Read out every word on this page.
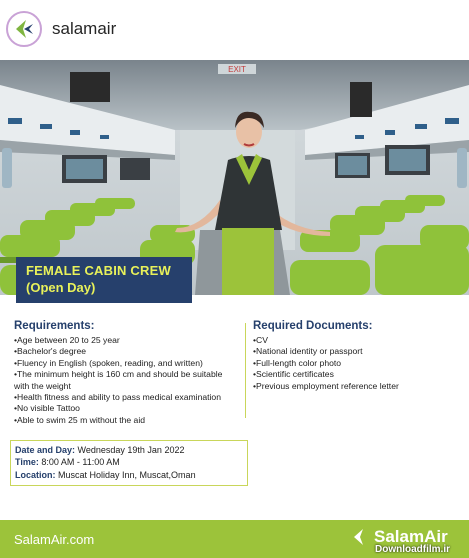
salamair
EXIT
FEMALE CABIN CREW
(Open Day)
Requirements:
• Age between 20 to 25 year
• Bachelor's degree
• Fluency in English (spoken, reading, and written)
• The minimum height is 160 cm and should be suitable with the weight
• Health fitness and ability to pass medical examination
• No visible Tattoo
• Able to swim 25 m without the aid
Required Documents:
• CV
• National identity or passport
• Full-length color photo
• Scientific certificates
• Previous employment reference letter
Date and Day: Wednesday 19th Jan 2022
Time: 8:00 AM - 11:00 AM
Location: Muscat Holiday Inn, Muscat,Oman
SalamAir.com	SalamAir
Downloadfilm.ir
